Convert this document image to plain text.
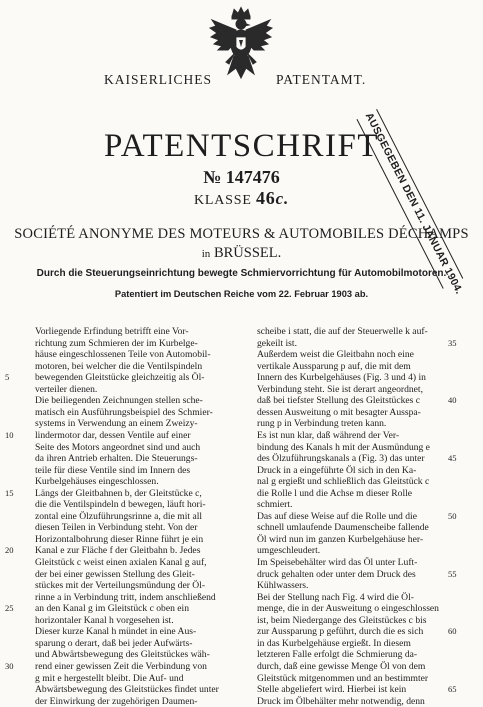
KAISERLICHES	PATENTAMT.
AUSGEGEBEN DEN 11. JANUAR 1904.
PATENTSCHRIFT
№ 147476
KLASSE 46c.
SOCIÉTÉ ANONYME DES MOTEURS & AUTOMOBILES DÉCHAMPS
in BRÜSSEL.
Durch die Steuerungseinrichtung bewegte Schmiervorrichtung für Automobilmotoren.
Patentiert im Deutschen Reiche vom 22. Februar 1903 ab.
Vorliegende Erfindung betrifft eine Vor-
richtung zum Schmieren der im Kurbelge-
häuse eingeschlossenen Teile von Automobil-
motoren, bei welcher die die Ventilspindeln
bewegenden Gleitstücke gleichzeitig als Öl-
verteiler dienen.
Die beiliegenden Zeichnungen stellen sche-
matisch ein Ausführungsbeispiel des Schmier-
systems in Verwendung an einem Zweizy-
lindermotor dar, dessen Ventile auf einer
Seite des Motors angeordnet sind und auch
da ihren Antrieb erhalten. Die Steuerungs-
teile für diese Ventile sind im Innern des
Kurbelgehäuses eingeschlossen.
Längs der Gleitbahnen b, der Gleitstücke c,
die die Ventilspindeln d bewegen, läuft hori-
zontal eine Ölzuführungsrinne a, die mit all
diesen Teilen in Verbindung steht. Von der
Horizontalbohrung dieser Rinne führt je ein
Kanal e zur Fläche f der Gleitbahn b. Jedes
Gleitstück c weist einen axialen Kanal g auf,
der bei einer gewissen Stellung des Gleit-
stückes mit der Verteilungsmündung der Öl-
rinne a in Verbindung tritt, indem anschließend
an den Kanal g im Gleitstück c oben ein
horizontaler Kanal h vorgesehen ist.
Dieser kurze Kanal h mündet in eine Aus-
sparung o derart, daß bei jeder Aufwärts-
und Abwärtsbewegung des Gleitstückes wäh-
rend einer gewissen Zeit die Verbindung von
g mit e hergestellt bleibt. Die Auf- und
Abwärtsbewegung des Gleitstückes findet unter
der Einwirkung der zugehörigen Daumen-
scheibe i statt, die auf der Steuerwelle k auf-
gekeilt ist.
Außerdem weist die Gleitbahn noch eine
vertikale Aussparung p auf, die mit dem
Innern des Kurbelgehäuses (Fig. 3 und 4) in
Verbindung steht. Sie ist derart angeordnet,
daß bei tiefster Stellung des Gleitstückes c
dessen Ausweitung o mit besagter Ausspa-
rung p in Verbindung treten kann.
Es ist nun klar, daß während der Ver-
bindung des Kanals h mit der Ausmündung e
des Ölzuführungskanals a (Fig. 3) das unter
Druck in a eingeführte Öl sich in den Ka-
nal g ergießt und schließlich das Gleitstück c
die Rolle l und die Achse m dieser Rolle
schmiert.
Das auf diese Weise auf die Rolle und die
schnell umlaufende Daumenscheibe fallende
Öl wird nun im ganzen Kurbelgehäuse her-
umgeschleudert.
Im Speisebehälter wird das Öl unter Luft-
druck gehalten oder unter dem Druck des
Kühlwassers.
Bei der Stellung nach Fig. 4 wird die Öl-
menge, die in der Ausweitung o eingeschlossen
ist, beim Niedergange des Gleitstückes c bis
zur Aussparung p geführt, durch die es sich
in das Kurbelgehäuse ergießt. In diesem
letzteren Falle erfolgt die Schmierung da-
durch, daß eine gewisse Menge Öl von dem
Gleitstück mitgenommen und an bestimmter
Stelle abgeliefert wird. Hierbei ist kein
Druck im Ölbehälter mehr notwendig, denn
5
10
15
20
25
30
35
40
45
50
55
60
65
